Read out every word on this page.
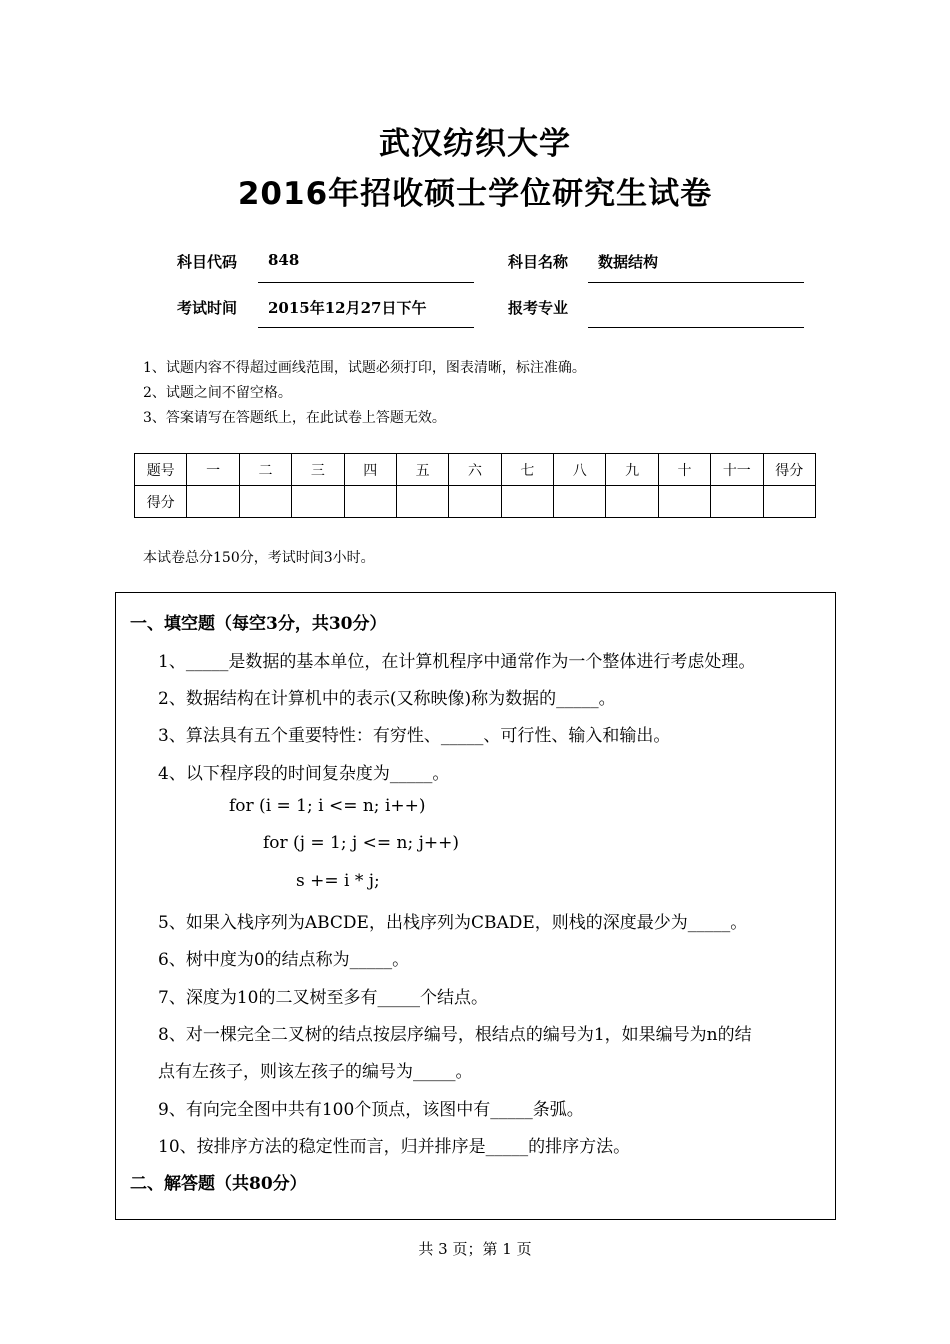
武汉纺织大学
2016年招收硕士学位研究生试卷
科目代码 848	科目名称 数据结构
考试时间 2015年12月27日下午	报考专业
1、试题内容不得超过画线范围，试题必须打印，图表清晰，标注准确。
2、试题之间不留空格。
3、答案请写在答题纸上，在此试卷上答题无效。
题号	一	二	三	四	五	六	七	八	九	十	十一	得分
得分												
本试卷总分150分，考试时间3小时。
一、填空题（每空3分，共30分）
1、_____是数据的基本单位，在计算机程序中通常作为一个整体进行考虑处理。
2、数据结构在计算机中的表示(又称映像)称为数据的_____。
3、算法具有五个重要特性：有穷性、_____、可行性、输入和输出。
4、以下程序段的时间复杂度为_____。
for (i = 1; i <= n; i++)
for (j = 1; j <= n; j++)
s += i * j;
5、如果入栈序列为ABCDE，出栈序列为CBADE，则栈的深度最少为_____。
6、树中度为0的结点称为_____。
7、深度为10的二叉树至多有_____个结点。
8、对一棵完全二叉树的结点按层序编号，根结点的编号为1，如果编号为n的结
点有左孩子，则该左孩子的编号为_____。
9、有向完全图中共有100个顶点，该图中有_____条弧。
10、按排序方法的稳定性而言，归并排序是_____的排序方法。
二、解答题（共80分）
共 3 页；第 1 页
